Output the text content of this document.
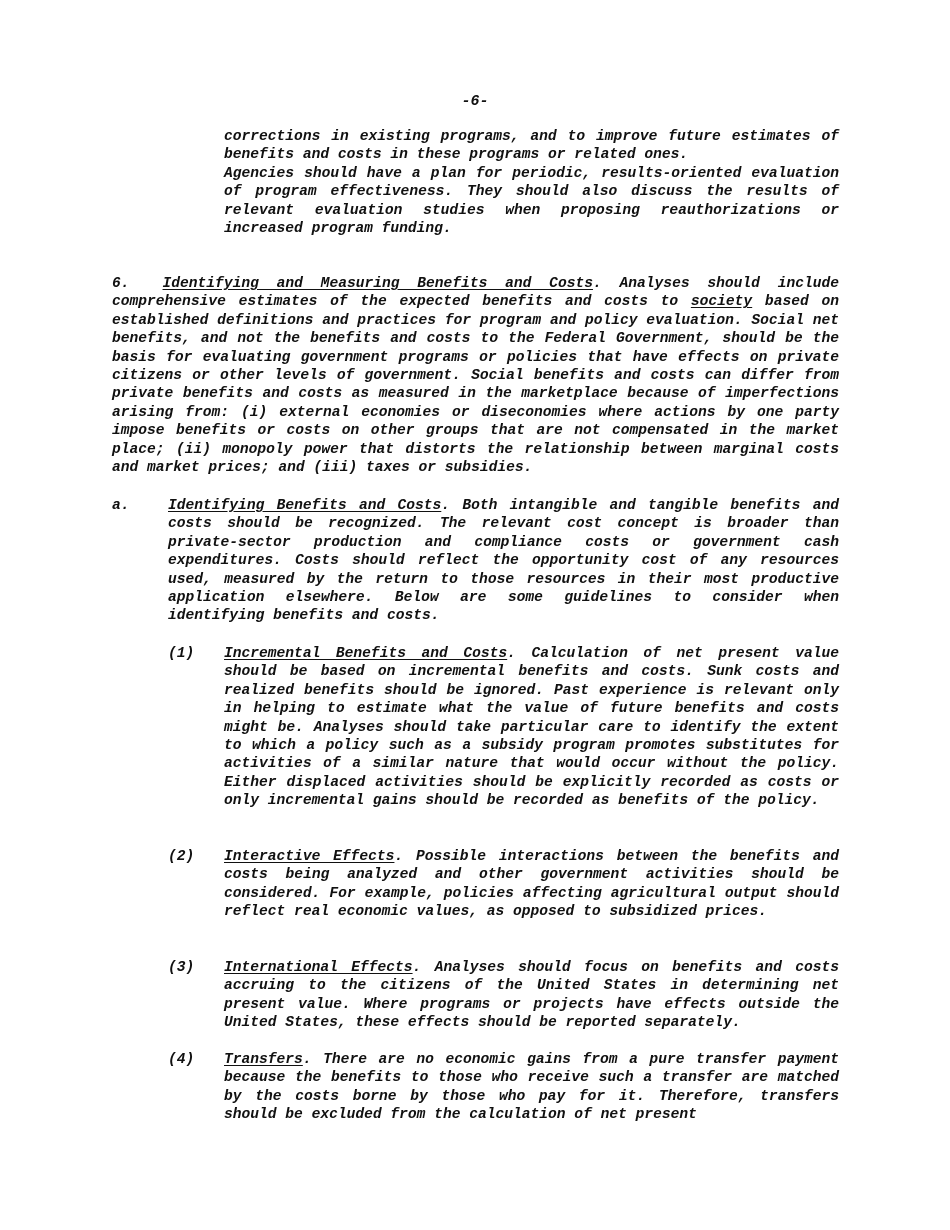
-6-

corrections in existing programs, and to improve future estimates of benefits and costs in these programs or related ones.

Agencies should have a plan for periodic, results-oriented evaluation of program effectiveness. They should also discuss the results of relevant evaluation studies when proposing reauthorizations or increased program funding.

6. Identifying and Measuring Benefits and Costs. Analyses should include comprehensive estimates of the expected benefits and costs to society based on established definitions and practices for program and policy evaluation. Social net benefits, and not the benefits and costs to the Federal Government, should be the basis for evaluating government programs or policies that have effects on private citizens or other levels of government. Social benefits and costs can differ from private benefits and costs as measured in the marketplace because of imperfections arising from: (i) external economies or diseconomies where actions by one party impose benefits or costs on other groups that are not compensated in the market place; (ii) monopoly power that distorts the relationship between marginal costs and market prices; and (iii) taxes or subsidies.
a.	Identifying Benefits and Costs. Both intangible and tangible benefits and costs should be recognized. The relevant cost concept is broader than private-sector production and compliance costs or government cash expenditures. Costs should reflect the opportunity cost of any resources used, measured by the return to those resources in their most productive application elsewhere. Below are some guidelines to consider when identifying benefits and costs.
(1) Incremental Benefits and Costs. Calculation of net present value should be based on incremental benefits and costs. Sunk costs and realized benefits should be ignored. Past experience is relevant only in helping to estimate what the value of future benefits and costs might be. Analyses should take particular care to identify the extent to which a policy such as a subsidy program promotes substitutes for activities of a similar nature that would occur without the policy. Either displaced activities should be explicitly recorded as costs or only incremental gains should be recorded as benefits of the policy.
(2) Interactive Effects. Possible interactions between the benefits and costs being analyzed and other government activities should be considered. For example, policies affecting agricultural output should reflect real economic values, as opposed to subsidized prices.
(3) International Effects. Analyses should focus on benefits and costs accruing to the citizens of the United States in determining net present value. Where programs or projects have effects outside the United States, these effects should be reported separately.
(4) Transfers. There are no economic gains from a pure transfer payment because the benefits to those who receive such a transfer are matched by the costs borne by those who pay for it. Therefore, transfers should be excluded from the calculation of net present
